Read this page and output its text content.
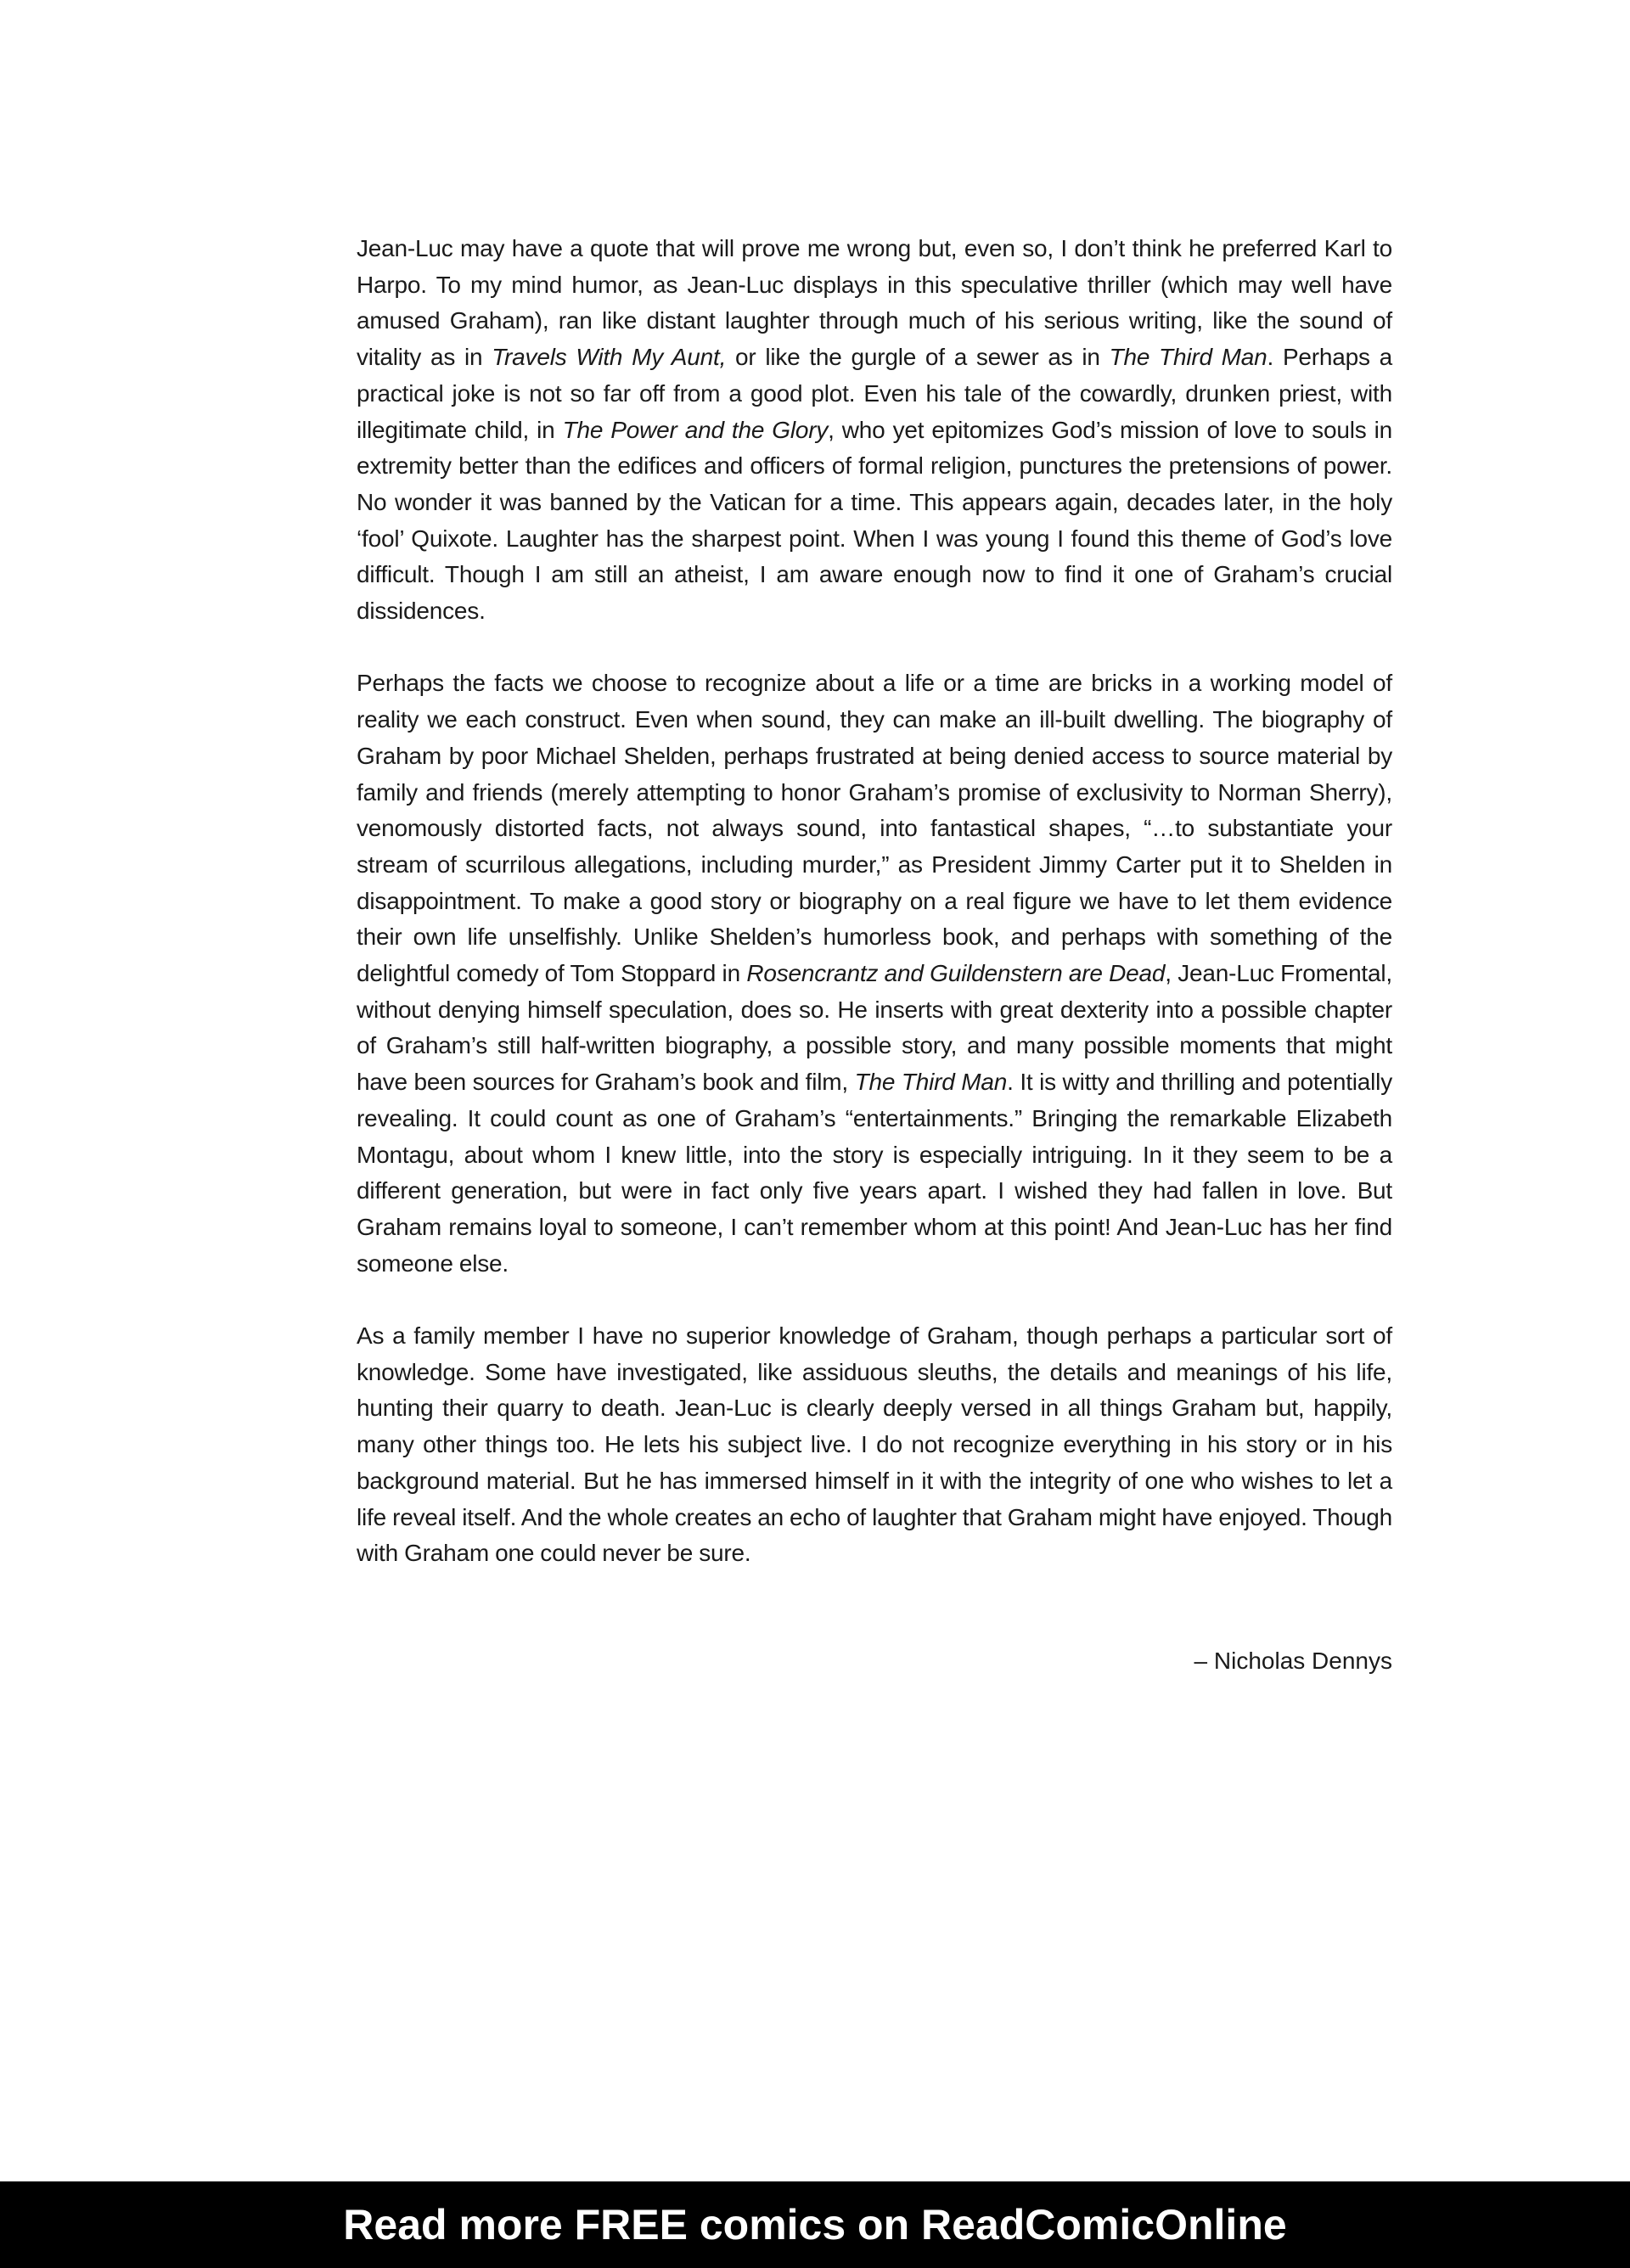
Jean-Luc may have a quote that will prove me wrong but, even so, I don’t think he preferred Karl to Harpo. To my mind humor, as Jean-Luc displays in this speculative thriller (which may well have amused Graham), ran like distant laughter through much of his serious writing, like the sound of vitality as in Travels With My Aunt, or like the gurgle of a sewer as in The Third Man. Perhaps a practical joke is not so far off from a good plot. Even his tale of the cowardly, drunken priest, with illegitimate child, in The Power and the Glory, who yet epitomizes God’s mission of love to souls in extremity better than the edifices and officers of formal religion, punctures the pretensions of power. No wonder it was banned by the Vatican for a time. This appears again, decades later, in the holy ‘fool’ Quixote. Laughter has the sharpest point. When I was young I found this theme of God’s love difficult. Though I am still an atheist, I am aware enough now to find it one of Graham’s crucial dissidences.

Perhaps the facts we choose to recognize about a life or a time are bricks in a working model of reality we each construct. Even when sound, they can make an ill-built dwelling. The biography of Graham by poor Michael Shelden, perhaps frustrated at being denied access to source material by family and friends (merely attempting to honor Graham’s promise of exclusivity to Norman Sherry), venomously distorted facts, not always sound, into fantastical shapes, “…to substantiate your stream of scurrilous allegations, including murder,” as President Jimmy Carter put it to Shelden in disappointment. To make a good story or biography on a real figure we have to let them evidence their own life unselfishly. Unlike Shelden’s humorless book, and perhaps with something of the delightful comedy of Tom Stoppard in Rosencrantz and Guildenstern are Dead, Jean-Luc Fromental, without denying himself speculation, does so. He inserts with great dexterity into a possible chapter of Graham’s still half-written biography, a possible story, and many possible moments that might have been sources for Graham’s book and film, The Third Man. It is witty and thrilling and potentially revealing. It could count as one of Graham’s “entertainments.” Bringing the remarkable Elizabeth Montagu, about whom I knew little, into the story is especially intriguing. In it they seem to be a different generation, but were in fact only five years apart. I wished they had fallen in love. But Graham remains loyal to someone, I can’t remember whom at this point! And Jean-Luc has her find someone else.

As a family member I have no superior knowledge of Graham, though perhaps a particular sort of knowledge. Some have investigated, like assiduous sleuths, the details and meanings of his life, hunting their quarry to death. Jean-Luc is clearly deeply versed in all things Graham but, happily, many other things too. He lets his subject live. I do not recognize everything in his story or in his background material. But he has immersed himself in it with the integrity of one who wishes to let a life reveal itself. And the whole creates an echo of laughter that Graham might have enjoyed. Though with Graham one could never be sure.

– Nicholas Dennys
Read more FREE comics on ReadComicOnline
